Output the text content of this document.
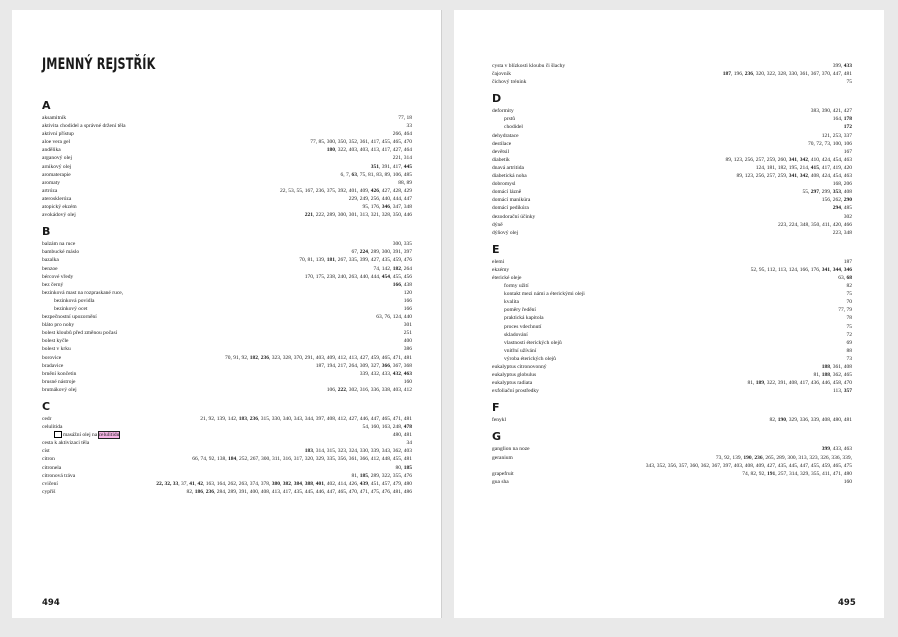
JMENNÝ REJSTŘÍK
A
aksamitník	77, 18
aktivita chodidel a správné držení těla	33
aktivní přístup	266, 464
aloe vera gel	77, 85, 300, 350, 352, 361, 417, 455, 465, 470
andělika	180, 322, 403, 403, 413, 417, 427, 464
arganový olej	221, 314
arnikový olej	351, 391, 417, 445
aromaterapie	6, 7, 63, 75, 81, 83, 89, 106, 485
aromaty	88, 89
artróza	22, 53, 55, 167, 236, 375, 392, 401, 409, 426, 427, 428, 429
ateroskleróza	229, 249, 256, 440, 444, 447
atopický ekzém	95, 176, 346, 347, 348
avokádový olej	221, 222, 289, 300, 301, 313, 321, 328, 350, 446
B
balzám na ruce	300, 335
bambucké máslo	67, 224, 289, 300, 391, 397
bazalka	70, 81, 139, 181, 267, 335, 399, 427, 435, 459, 476
benzoe	74, 142, 182, 264
bércové vředy	170, 175, 238, 240, 263, 440, 444, 454, 455, 456
bez černý	166, 438
bezinková mast na rozpraskané ruce,	120
bezinková povidla	166
bezinkový ocet	166
bezpečnostní upozornění	63, 76, 124, 440
bláto pro nohy	301
bolest kloubů před změnou počasí	251
bolest kyčle	400
bolest v krku	386
borovice	70, 91, 92, 182, 236, 323, 328, 370, 291, 403, 409, 412, 413, 427, 459, 465, 471, 481
bradavice	187, 194, 217, 264, 309, 327, 366, 367, 368
brnění končetin	339, 432, 433, 432, 463
brusné nástroje	160
brutnákový olej	106, 222, 302, 316, 336, 338, 403, 412
C
cedr	21, 92, 139, 142, 183, 236, 315, 330, 340, 343, 344, 397, 408, 412, 427, 446, 447, 465, 471, 481
celulitida	54, 160, 163, 248, 478
masážní olej na celulitidu	480, 481
cesta k aktivizaci těla	34
císt	183, 314, 315, 323, 324, 330, 339, 343, 362, 403
citron	66, 74, 92, 138, 184, 252, 267, 300, 311, 316, 317, 320, 329, 335, 356, 361, 366, 412, 448, 455, 481
citronela	80, 185
citronová tráva	81, 185, 289, 322, 355, 476
cvičení	22, 32, 33, 37, 41, 42, 163, 164, 262, 263, 374, 378, 380, 382, 384, 388, 401, 402, 414, 426, 439, 451, 457, 479, 480
cypřiš	82, 186, 236, 284, 289, 391, 400, 408, 413, 417, 435, 445, 446, 447, 465, 470, 471, 475, 476, 481, 486
494
cysta v blízkosti kloubu či šlachy	399, 433
čajovník	187, 196, 236, 320, 322, 328, 330, 361, 367, 370, 447, 481
čichový trénink	75
D
deformity	383, 390, 421, 427
prstů	164, 178
chodidel	172
dehydratace	121, 253, 337
destilace	70, 72, 73, 100, 106
devětsil	167
diabetik	89, 123, 256, 257, 259, 260, 341, 342, 410, 424, 454, 463
dnavá artritida	124, 181, 182, 195, 214, 415, 417, 419, 420
diabetická noha	89, 123, 256, 257, 259, 341, 342, 408, 424, 454, 463
dobromysl	168, 206
domácí lázně	55, 297, 299, 353, 408
domácí manikúra	156, 262, 290
domácí pedikúra	294, 485
dezodorační účinky	302
dýně	223, 224, 348, 350, 411, 420, 466
dýňový olej	223, 348
E
elemi	187
ekzémy	52, 95, 112, 113, 124, 166, 176, 341, 344, 346
éterické oleje	63, 68
formy užití	82
kontakt mezi námi a éterickými oleji	75
kvalita	70
poměry ředění	77, 79
praktická kapitola	78
proces vdechnutí	75
skladování	72
vlastnosti éterických olejů	69
vnitřní užívání	88
výroba éterických olejů	73
eukalyptus citronovonný	188, 361, 408
eukalyptus globulus	81, 188, 362, 465
eukalyptus radiata	81, 189, 322, 391, 408, 417, 436, 446, 458, 470
exfoliační prostředky	113, 357
F
fenykl	82, 190, 329, 336, 339, 408, 480, 481
G
ganglion na noze	399, 433, 463
geranium	73, 92, 139, 190, 236, 265, 289, 300, 313, 323, 326, 336, 339,
343, 352, 356, 357, 360, 362, 367, 397, 403, 408, 409, 427, 435, 445, 447, 455, 459, 465, 475
grapefruit	74, 82, 92, 191, 257, 314, 329, 355, 411, 471, 480
gua sha	160
495
